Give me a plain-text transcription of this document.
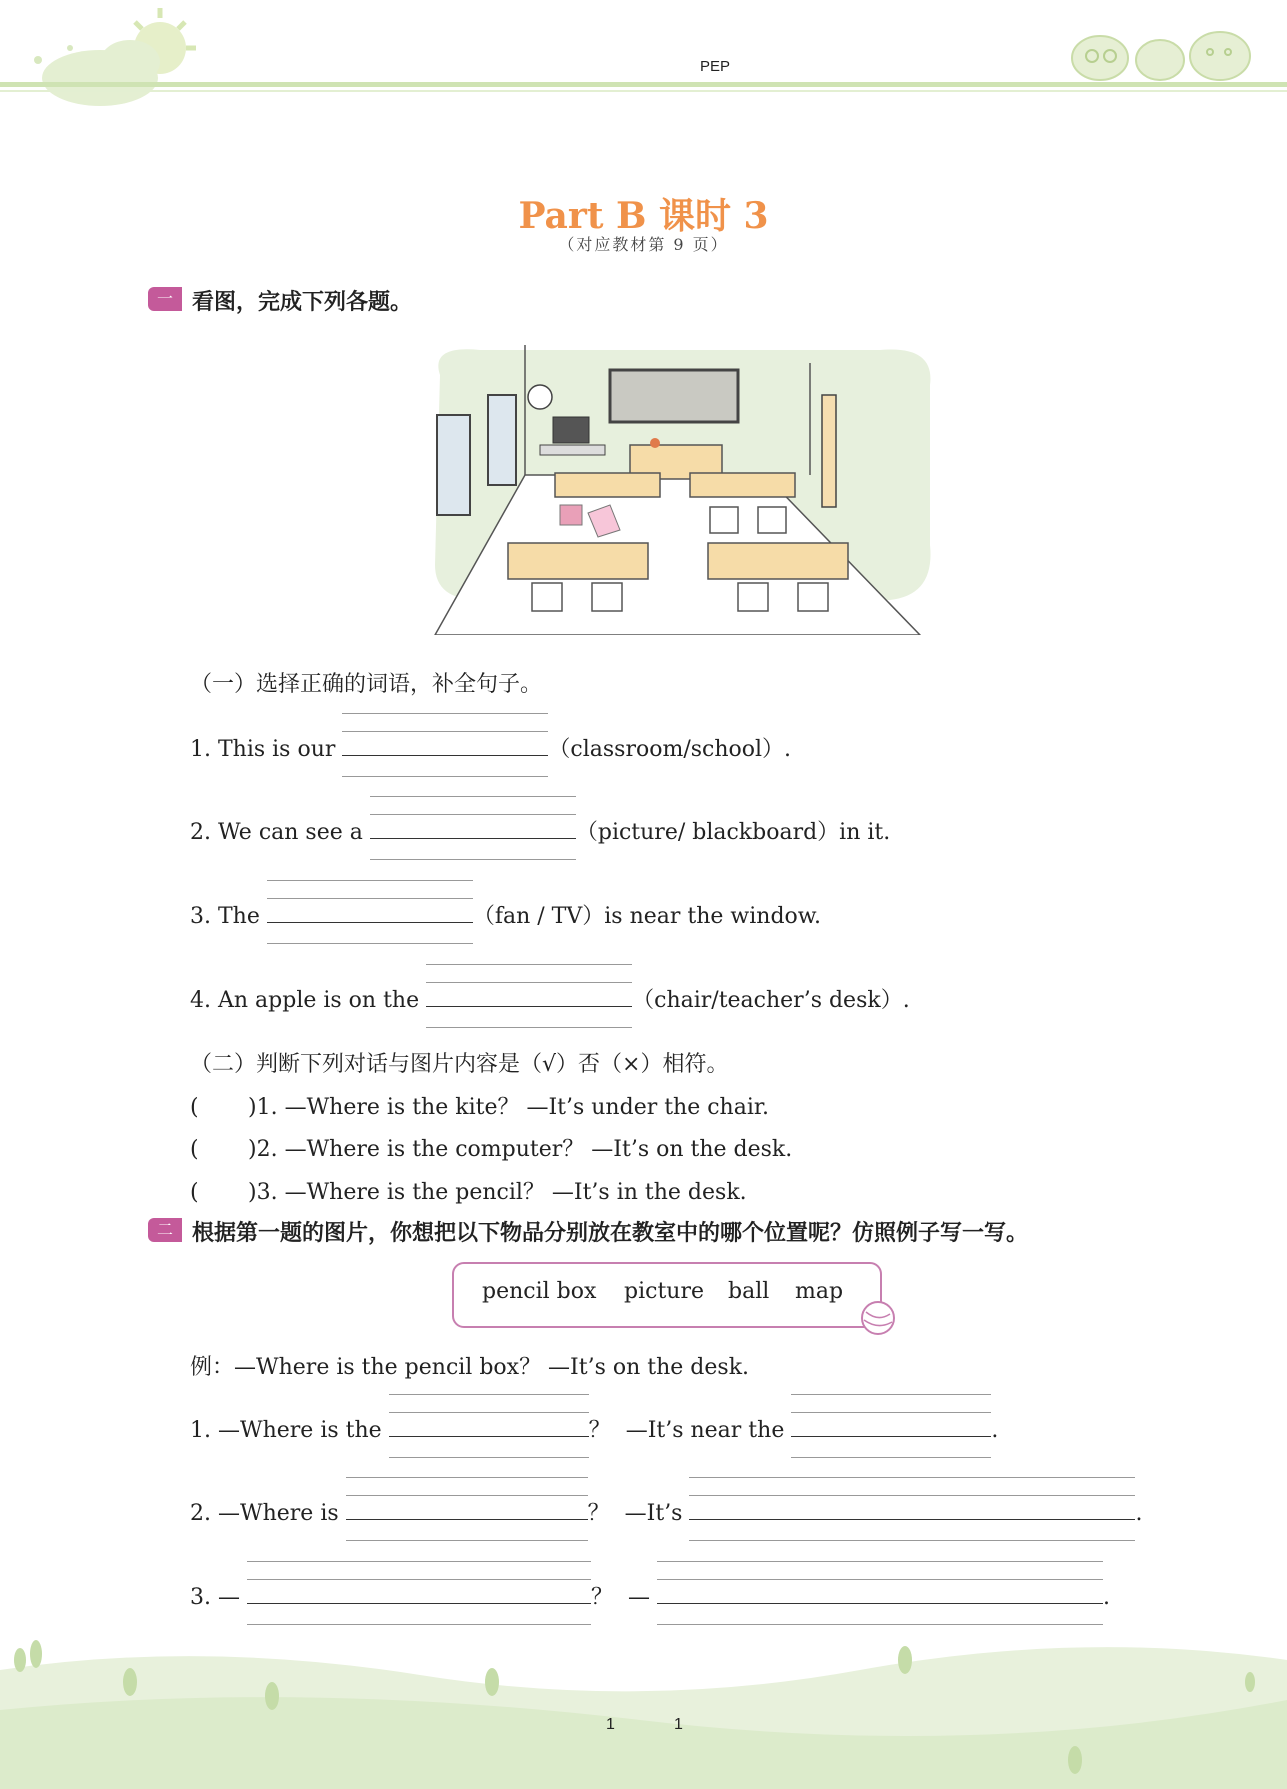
PEP
Part B 课时 3
（对应教材第 9 页）
一 看图，完成下列各题。
（一）选择正确的词语，补全句子。
1. This is our	（classroom/school）.
2. We can see a	（picture/ blackboard）in it.
3. The	（fan / TV）is near the window.
4. An apple is on the	（chair/teacher’s desk）.
（二）判断下列对话与图片内容是（√）否（×）相符。
( )1. —Where is the kite？ —It’s under the chair.
( )2. —Where is the computer？ —It’s on the desk.
( )3. —Where is the pencil？ —It’s in the desk.
二 根据第一题的图片，你想把以下物品分别放在教室中的哪个位置呢？仿照例子写一写。
pencil box picture ball map
例：—Where is the pencil box？ —It’s on the desk.
1. —Where is the	？ —It’s near the	.
2. —Where is	？ —It’s	.
3. —	？ —	.
1	1
